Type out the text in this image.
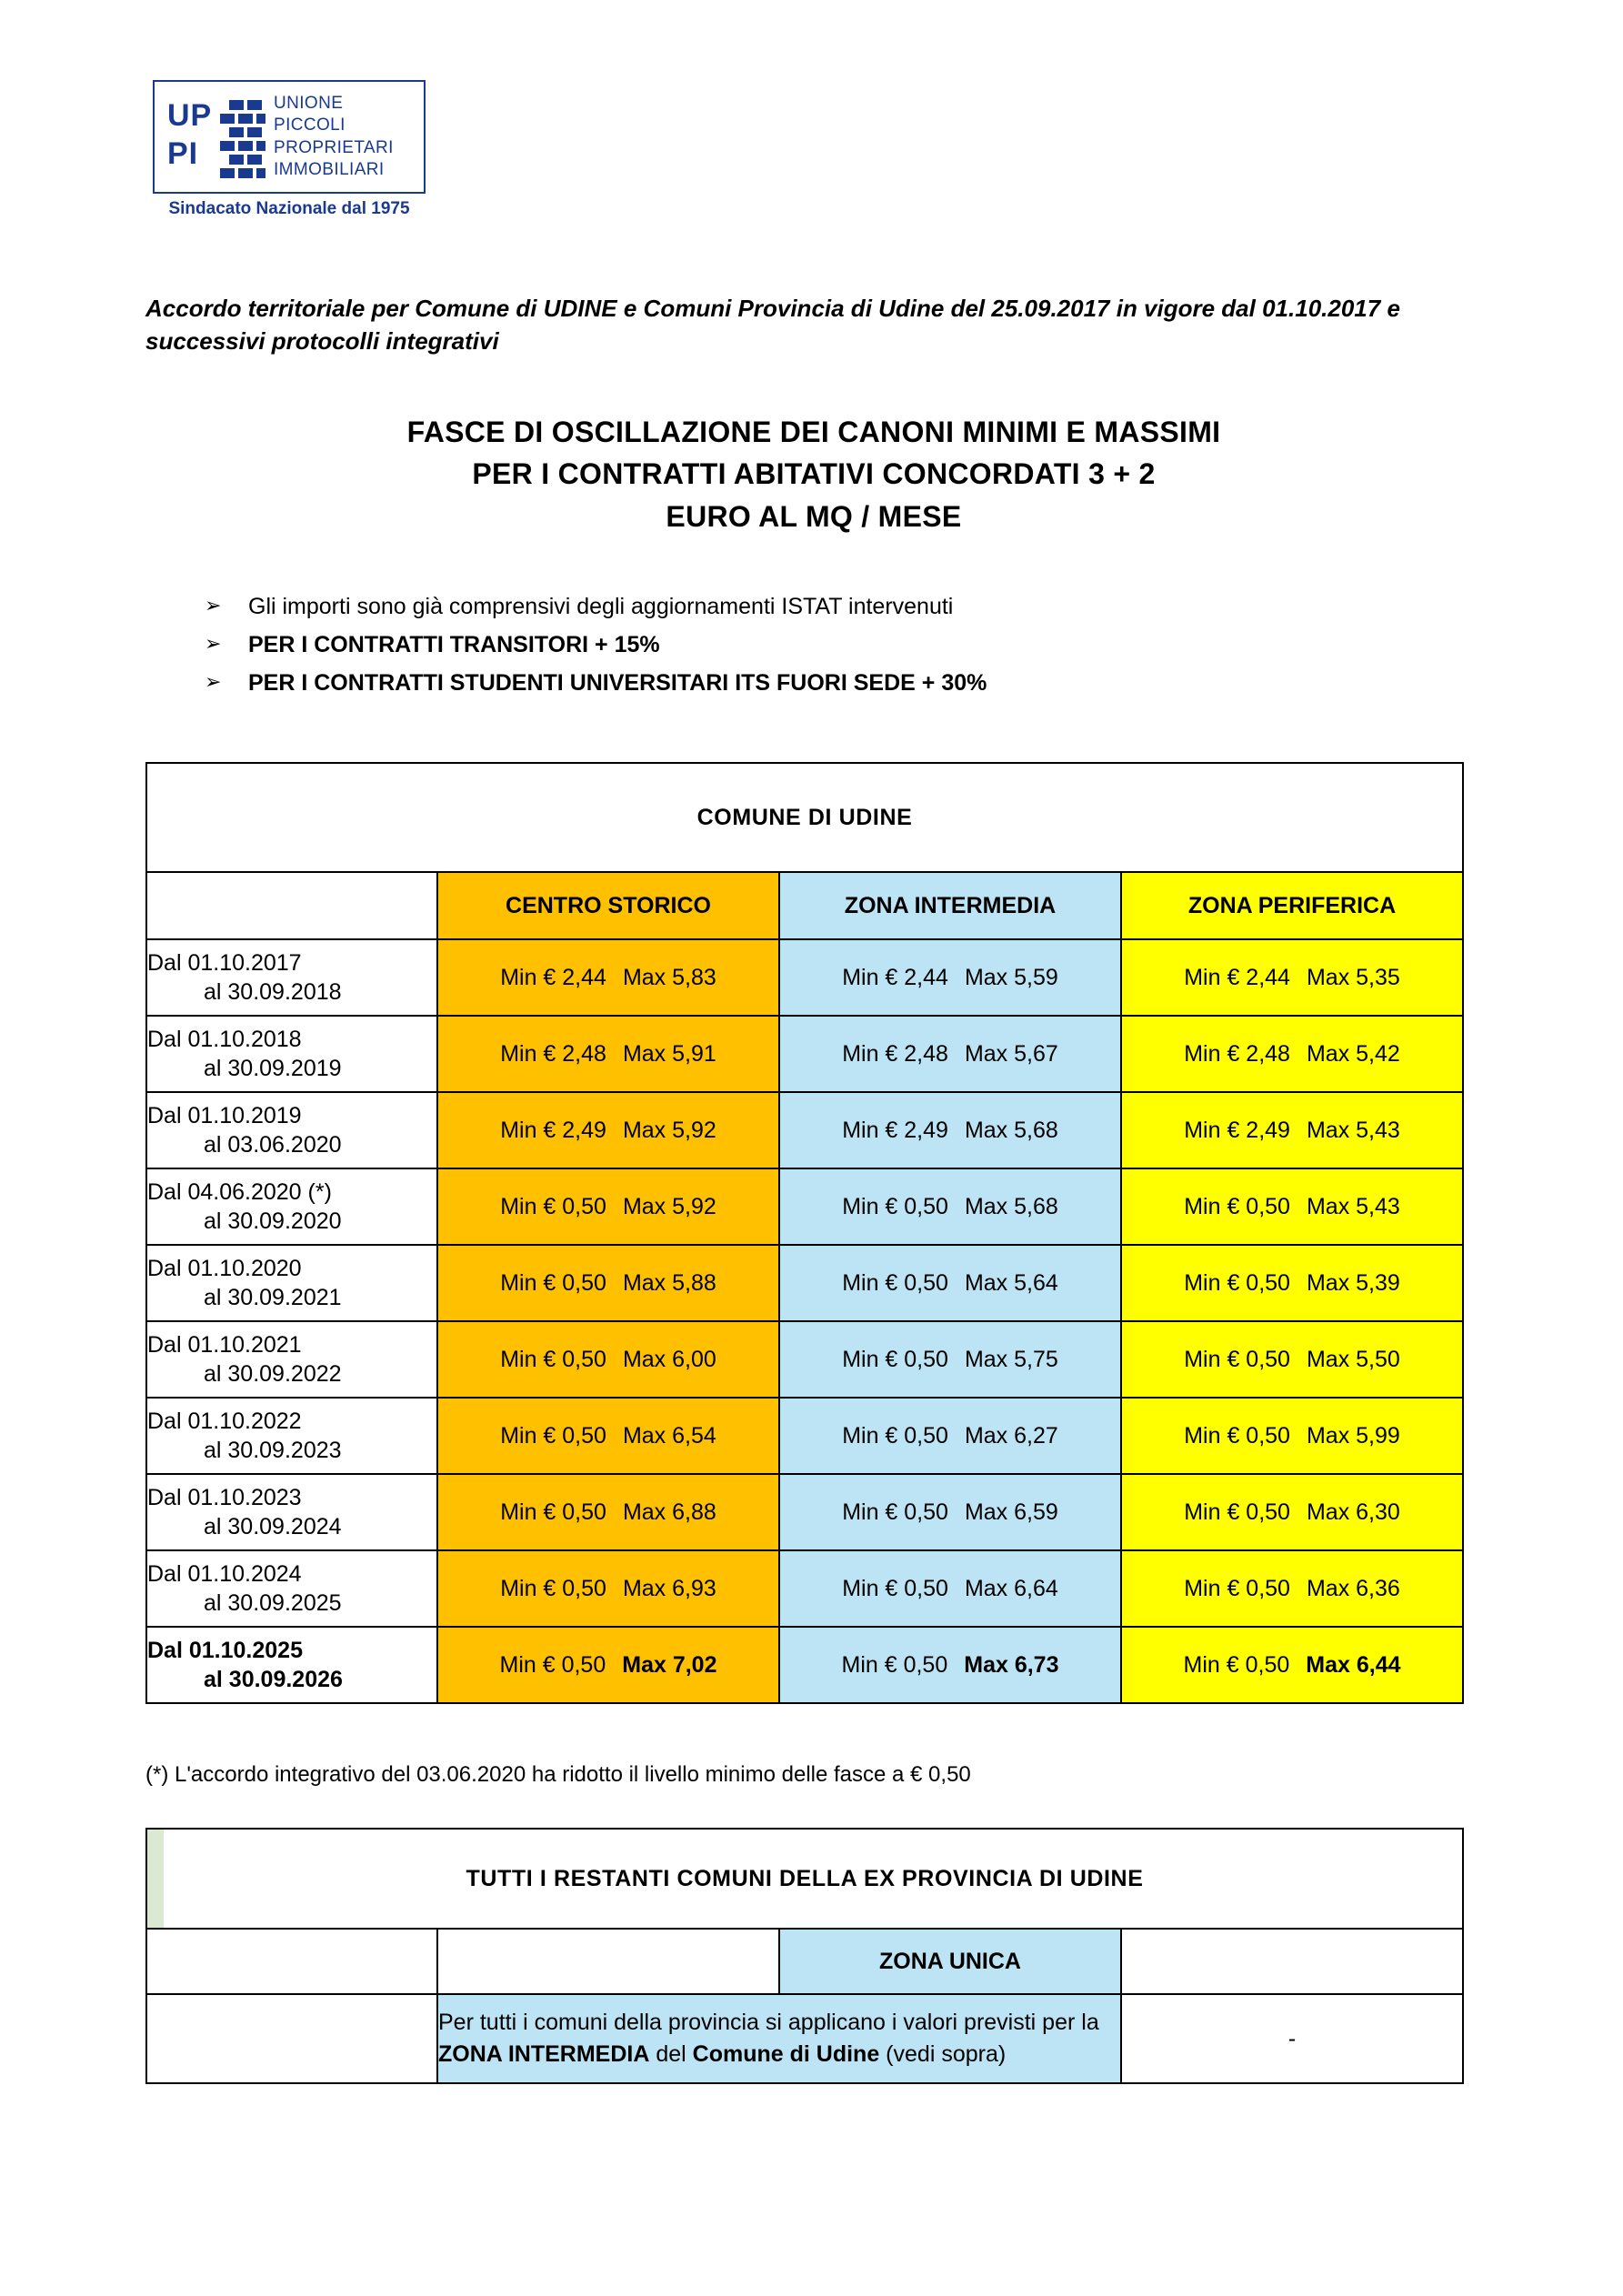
UP
PI
UNIONE
PICCOLI
PROPRIETARI
IMMOBILIARI
Sindacato Nazionale dal 1975
Accordo territoriale per Comune di UDINE e Comuni Provincia di Udine del 25.09.2017 in vigore dal 01.10.2017 e successivi protocolli integrativi
FASCE DI OSCILLAZIONE DEI CANONI MINIMI E MASSIMI
PER I CONTRATTI ABITATIVI CONCORDATI 3 + 2
EURO AL MQ / MESE
➢	Gli importi sono già comprensivi degli aggiornamenti ISTAT intervenuti
➢	PER I CONTRATTI TRANSITORI + 15%
➢	PER I CONTRATTI STUDENTI UNIVERSITARI ITS FUORI SEDE + 30%
COMUNE DI UDINE			
	CENTRO STORICO	ZONA INTERMEDIA	ZONA PERIFERICA
Dal 01.10.2017
al 30.09.2018	Min € 2,44 Max 5,83	Min € 2,44 Max 5,59	Min € 2,44 Max 5,35
Dal 01.10.2018
al 30.09.2019	Min € 2,48 Max 5,91	Min € 2,48 Max 5,67	Min € 2,48 Max 5,42
Dal 01.10.2019
al 03.06.2020	Min € 2,49 Max 5,92	Min € 2,49 Max 5,68	Min € 2,49 Max 5,43
Dal 04.06.2020 (*)
al 30.09.2020	Min € 0,50 Max 5,92	Min € 0,50 Max 5,68	Min € 0,50 Max 5,43
Dal 01.10.2020
al 30.09.2021	Min € 0,50 Max 5,88	Min € 0,50 Max 5,64	Min € 0,50 Max 5,39
Dal 01.10.2021
al 30.09.2022	Min € 0,50 Max 6,00	Min € 0,50 Max 5,75	Min € 0,50 Max 5,50
Dal 01.10.2022
al 30.09.2023	Min € 0,50 Max 6,54	Min € 0,50 Max 6,27	Min € 0,50 Max 5,99
Dal 01.10.2023
al 30.09.2024	Min € 0,50 Max 6,88	Min € 0,50 Max 6,59	Min € 0,50 Max 6,30
Dal 01.10.2024
al 30.09.2025	Min € 0,50 Max 6,93	Min € 0,50 Max 6,64	Min € 0,50 Max 6,36
Dal 01.10.2025
al 30.09.2026	Min € 0,50 Max 7,02	Min € 0,50 Max 6,73	Min € 0,50 Max 6,44
(*) L'accordo integrativo del 03.06.2020 ha ridotto il livello minimo delle fasce a € 0,50
TUTTI I RESTANTI COMUNI DELLA EX PROVINCIA DI UDINE			

		ZONA UNICA	
	Per tutti i comuni della provincia si applicano i valori previsti per la ZONA INTERMEDIA del Comune di Udine (vedi sopra)		-
